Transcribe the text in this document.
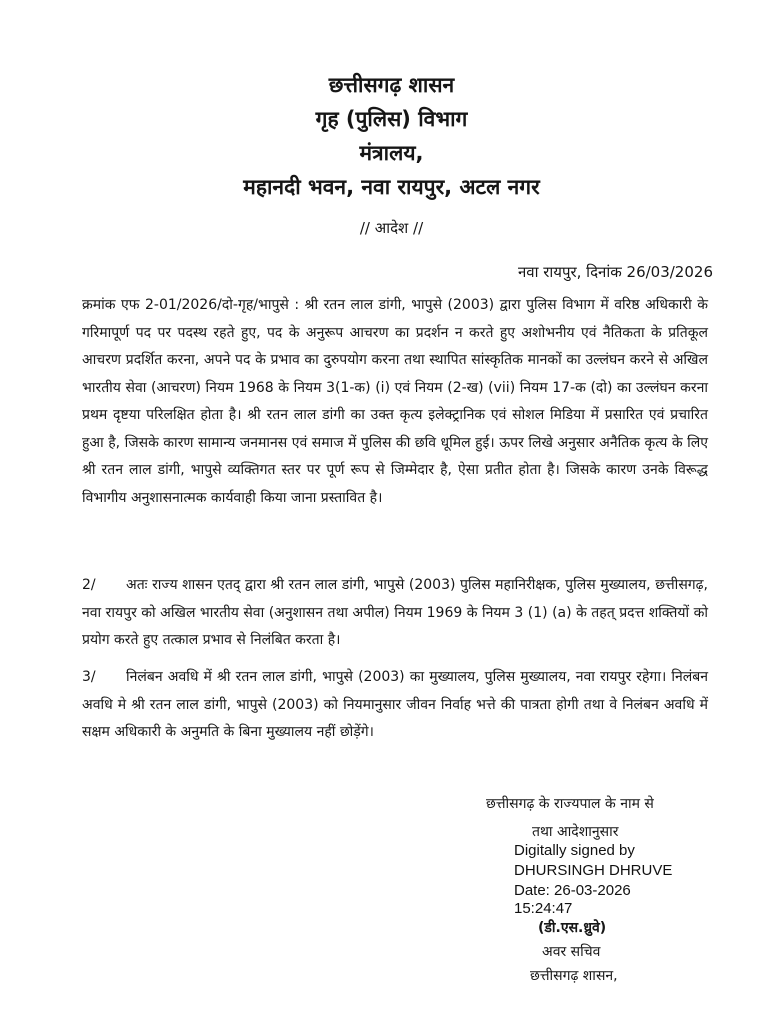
छत्तीसगढ़ शासन
गृह (पुलिस) विभाग
मंत्रालय,
महानदी भवन, नवा रायपुर, अटल नगर
// आदेश //
नवा रायपुर, दिनांक 26/03/2026
क्रमांक एफ 2-01/2026/दो-गृह/भापुसे : श्री रतन लाल डांगी, भापुसे (2003) द्वारा पुलिस विभाग में वरिष्ठ अधिकारी के गरिमापूर्ण पद पर पदस्थ रहते हुए, पद के अनुरूप आचरण का प्रदर्शन न करते हुए अशोभनीय एवं नैतिकता के प्रतिकूल आचरण प्रदर्शित करना, अपने पद के प्रभाव का दुरुपयोग करना तथा स्थापित सांस्कृतिक मानकों का उल्लंघन करने से अखिल भारतीय सेवा (आचरण) नियम 1968 के नियम 3(1-क) (i) एवं नियम (2-ख) (vii) नियम 17-क (दो) का उल्लंघन करना प्रथम दृष्टया परिलक्षित होता है। श्री रतन लाल डांगी का उक्त कृत्य इलेक्ट्रानिक एवं सोशल मिडिया में प्रसारित एवं प्रचारित हुआ है, जिसके कारण सामान्य जनमानस एवं समाज में पुलिस की छवि धूमिल हुई। ऊपर लिखे अनुसार अनैतिक कृत्य के लिए श्री रतन लाल डांगी, भापुसे व्यक्तिगत स्तर पर पूर्ण रूप से जिम्मेदार है, ऐसा प्रतीत होता है। जिसके कारण उनके विरूद्ध विभागीय अनुशासनात्मक कार्यवाही किया जाना प्रस्तावित है।
2/ अतः राज्य शासन एतद् द्वारा श्री रतन लाल डांगी, भापुसे (2003) पुलिस महानिरीक्षक, पुलिस मुख्यालय, छत्तीसगढ़, नवा रायपुर को अखिल भारतीय सेवा (अनुशासन तथा अपील) नियम 1969 के नियम 3 (1) (a) के तहत् प्रदत्त शक्तियों को प्रयोग करते हुए तत्काल प्रभाव से निलंबित करता है।
3/ निलंबन अवधि में श्री रतन लाल डांगी, भापुसे (2003) का मुख्यालय, पुलिस मुख्यालय, नवा रायपुर रहेगा। निलंबन अवधि मे श्री रतन लाल डांगी, भापुसे (2003) को नियमानुसार जीवन निर्वाह भत्ते की पात्रता होगी तथा वे निलंबन अवधि में सक्षम अधिकारी के अनुमति के बिना मुख्यालय नहीं छोड़ेंगे।
छत्तीसगढ़ के राज्यपाल के नाम से
तथा आदेशानुसार
Digitally signed by
DHURSINGH DHRUVE
Date: 26-03-2026
15:24:47
(डी.एस.ध्रुवे)
अवर सचिव
छत्तीसगढ़ शासन,
